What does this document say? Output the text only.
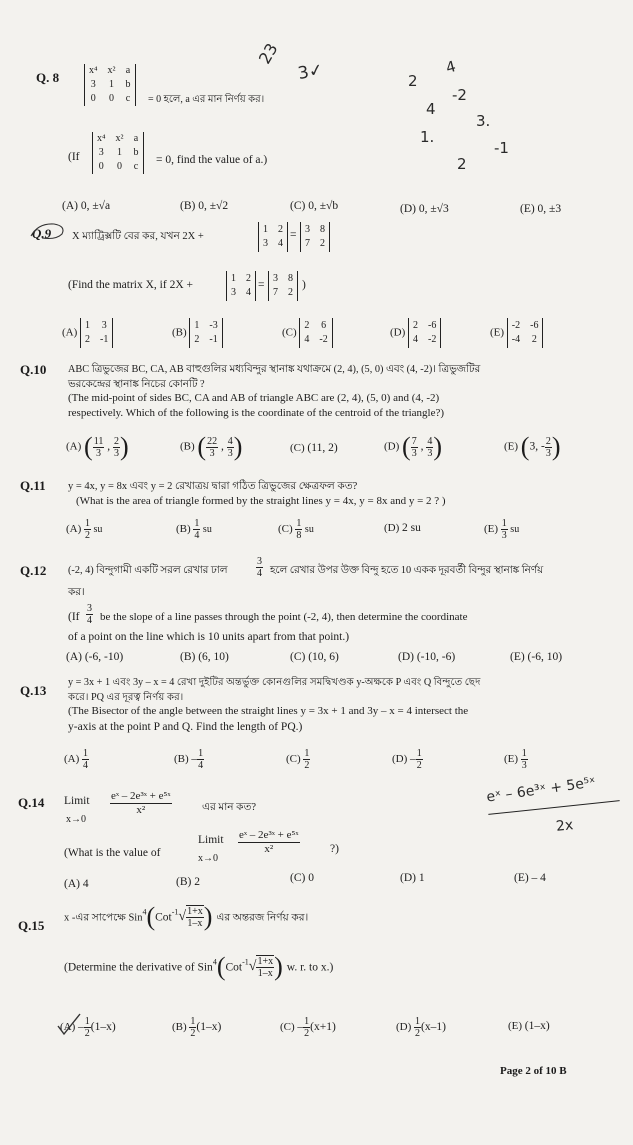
Q. 8	x⁴ x² a
3 1 b
0 0 c = 0 হলে, a এর মান নির্ণয় কর।
(If
x⁴ x² a
3 1 b
0 0 c
= 0, find the value of a.)
(A) 0, ±√a	(B) 0, ±√2	(C) 0, ±√b	(D) 0, ±√3	(E) 0, ±3
Q.9 X ম্যাট্রিক্সটি বের কর, যখন 2X +
1 2
3 4
= 3 8
7 2
(Find the matrix X, if 2X +
1 2
3 4
=
3 8
7 2
)
(A)
1 3
2 -1
(B)
1 -3
2 -1
(C)
2 6
4 -2
(D)
2 -6
4 -2
(E)
-2 -6
-4 2
Q.10 ABC ত্রিভুজের BC, CA, AB বাহুগুলির মধ্যবিন্দুর স্থানাঙ্ক যথাক্রমে (2, 4), (5, 0) এবং (4, -2)। ত্রিভুজটির
ভরকেন্দ্রের স্থানাঙ্ক নিচের কোনটি ?
(The mid-point of sides BC, CA and AB of triangle ABC are (2, 4), (5, 0) and (4, -2)
respectively. Which of the following is the coordinate of the centroid of the triangle?)
(A) ( $\frac{11}{3}$ , $\frac{2}{3}$ )	(B) ( $\frac{22}{3}$ , $\frac{4}{3}$ )	(C) (11, 2)	(D) ( $\frac{7}{3}$ , $\frac{4}{3}$ )	(E) (3, - $\frac{2}{3}$ )
Q.11 y = 4x, y = 8x এবং y = 2 রেখাত্রয় দ্বারা গঠিত ত্রিভুজের ক্ষেত্রফল কত?
(What is the area of triangle formed by the straight lines y = 4x, y = 8x and y = 2 ? )
$(A) \frac{1}{2}$ su	$(B) \frac{1}{4}$ su	$(C) \frac{1}{8}$ su	(D) 2 su	$(E) \frac{1}{3}$ su
Q.12 (-2, 4) বিন্দুগামী একটি সরল রেখার ঢাল	$\frac{3}{4}$ হলে রেখার উপর উক্ত বিন্দু হতে 10 একক দূরবর্তী বিন্দুর স্থানাঙ্ক নির্ণয়
কর।
($If \frac{3}{4}$ be the slope of a line passes through the point (-2, 4), then determine the coordinate
of a point on the line which is 10 units apart from that point.)
(A) (-6, -10)	(B) (6, 10)	(C) (10, 6)	(D) (-10, -6)	(E) (-6, 10)
Q.13
y = 3x + 1 এবং 3y – x = 4 রেখা দুইটির অন্তর্ভুক্ত কোনগুলির সমদ্বিখণ্ডক y-অক্ষকে P এবং Q বিন্দুতে ছেদ
করে। PQ এর দূরত্ব নির্ণয় কর।
(The Bisector of the angle between the straight lines y = 3x + 1 and 3y – x = 4 intersect the
y-axis at the point P and Q. Find the length of PQ.)
$(A) \frac{1}{4}$	$(B) - \frac{1}{4}$	$(C) \frac{1}{2}$	$(D) - \frac{1}{2}$	$(E) \frac{1}{3}$
Q.14 Limit
x→0
$\frac{\text{eˣ – 2e³ˣ + e⁵ˣ}}{\text{x²}}$	এর মান কত?
(What is the value of
Limit
x→0
$\frac{\text{eˣ – 2e³ˣ + e⁵ˣ}}{\text{x²}}$	?)
(A) 4	(B) 2	(C) 0	(D) 1	(E) – 4
Q.15 x -এর সাপেক্ষে $Sin^4(Cot^{-1}√ \frac{1+x}{1-x}$ ) এর অন্তরজ নির্ণয় কর।
(Determine the derivative of $Sin^4(Cot^{-1}√ \frac{1+x}{1-x}$ ) w. r. to x.)
$(A) - \frac{1}{2} (1-x)$	$(B) \frac{1}{2} (1-x)$	$(C) - \frac{1}{2} (x+1)$	$(D) \frac{1}{2} (x-1)$	(E) (1–x)
23
3✓	2
4
1.
2
4
-2
3.
-1
eˣ – 6e³ˣ + 5e⁵ˣ
2x
Page 2 of 10 B
